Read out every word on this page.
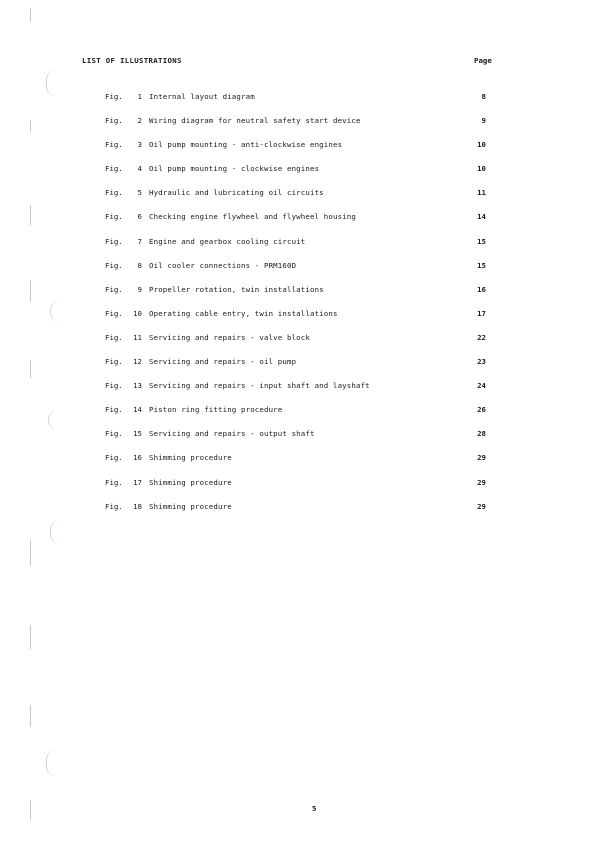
LIST OF ILLUSTRATIONS	Page
Fig.	1 Internal layout diagram	8
Fig.	2 Wiring diagram for neutral safety start device	9
Fig.	3 Oil pump mounting - anti-clockwise engines	10
Fig.	4 Oil pump mounting - clockwise engines	10
Fig.	5 Hydraulic and lubricating oil circuits	11
Fig.	6 Checking engine flywheel and flywheel housing	14
Fig.	7 Engine and gearbox cooling circuit	15
Fig.	8 Oil cooler connections - PRM160D	15
Fig.	9 Propeller rotation, twin installations	16
Fig.	10 Operating cable entry, twin installations	17
Fig.	11 Servicing and repairs - valve block	22
Fig.	12 Servicing and repairs - oil pump	23
Fig.	13 Servicing and repairs - input shaft and layshaft	24
Fig.	14 Piston ring fitting procedure	26
Fig.	15 Servicing and repairs - output shaft	28
Fig.	16 Shimming procedure	29
Fig.	17 Shimming procedure	29
Fig.	18 Shimming procedure	29
5
